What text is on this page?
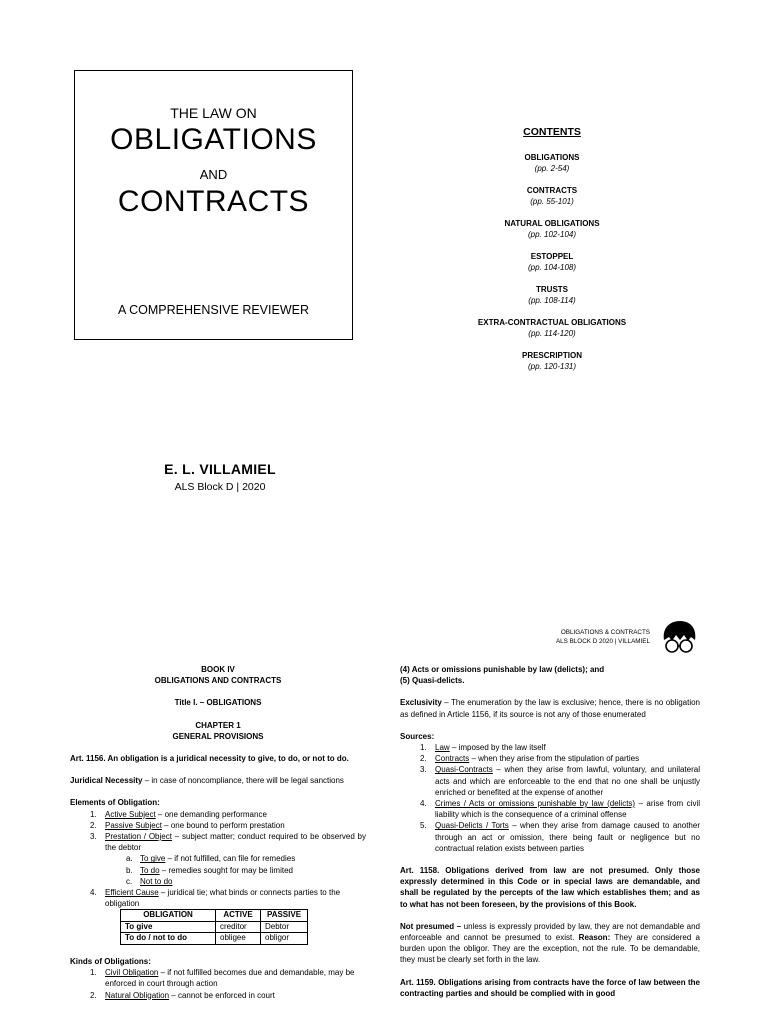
THE LAW ON
OBLIGATIONS
AND
CONTRACTS
A COMPREHENSIVE REVIEWER
CONTENTS
OBLIGATIONS
(pp. 2-54)
CONTRACTS
(pp. 55-101)
NATURAL OBLIGATIONS
(pp. 102-104)
ESTOPPEL
(pp. 104-108)
TRUSTS
(pp. 108-114)
EXTRA-CONTRACTUAL OBLIGATIONS
(pp. 114-120)
PRESCRIPTION
(pp. 120-131)
E. L. VILLAMIEL
ALS Block D | 2020
OBLIGATIONS & CONTRACTS
ALS BLOCK D 2020 | VILLAMIEL
BOOK IV
OBLIGATIONS AND CONTRACTS
Title I. – OBLIGATIONS
CHAPTER 1
GENERAL PROVISIONS
Art. 1156. An obligation is a juridical necessity to give, to do, or not to do.
Juridical Necessity – in case of noncompliance, there will be legal sanctions
Elements of Obligation:
1. Active Subject – one demanding performance
2. Passive Subject – one bound to perform prestation
3. Prestation / Object – subject matter; conduct required to be observed by the debtor
a. To give – if not fulfilled, can file for remedies
b. To do – remedies sought for may be limited
c. Not to do
4. Efficient Cause – juridical tie; what binds or connects parties to the obligation
OBLIGATION	ACTIVE	PASSIVE
To give	creditor	Debtor
To do / not to do	obligee	obligor
Kinds of Obligations:
1. Civil Obligation – if not fulfilled becomes due and demandable, may be enforced in court through action
2. Natural Obligation – cannot be enforced in court
(4) Acts or omissions punishable by law (delicts); and
(5) Quasi-delicts.
Exclusivity – The enumeration by the law is exclusive; hence, there is no obligation as defined in Article 1156, if its source is not any of those enumerated
Sources:
1. Law – imposed by the law itself
2. Contracts – when they arise from the stipulation of parties
3. Quasi-Contracts – when they arise from lawful, voluntary, and unilateral acts and which are enforceable to the end that no one shall be unjustly enriched or benefited at the expense of another
4. Crimes / Acts or omissions punishable by law (delicts) – arise from civil liability which is the consequence of a criminal offense
5. Quasi-Delicts / Torts – when they arise from damage caused to another through an act or omission, there being fault or negligence but no contractual relation exists between parties
Art. 1158. Obligations derived from law are not presumed. Only those expressly determined in this Code or in special laws are demandable, and shall be regulated by the percepts of the law which establishes them; and as to what has not been foreseen, by the provisions of this Book.
Not presumed – unless is expressly provided by law, they are not demandable and enforceable and cannot be presumed to exist. Reason: They are considered a burden upon the obligor. They are the exception, not the rule. To be demandable, they must be clearly set forth in the law.
Art. 1159. Obligations arising from contracts have the force of law between the contracting parties and should be complied with in good
